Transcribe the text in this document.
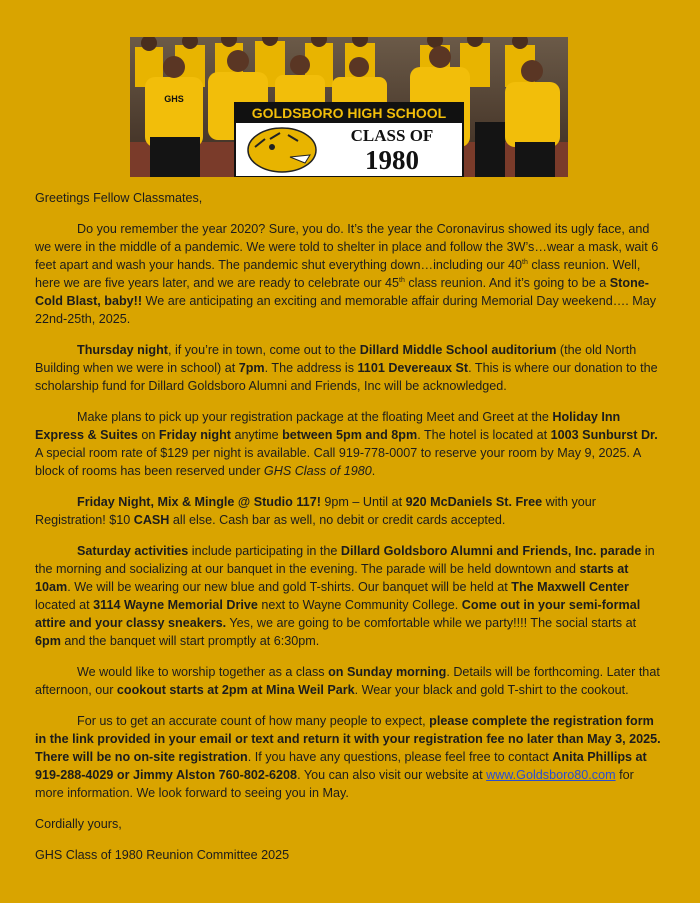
GOLDSBORO HIGH SCHOOL
CLASS OF
1980
GHS

Greetings Fellow Classmates,

Do you remember the year 2020? Sure, you do. It’s the year the Coronavirus showed its ugly face, and we were in the middle of a pandemic. We were told to shelter in place and follow the 3W’s…wear a mask, wait 6 feet apart and wash your hands. The pandemic shut everything down…including our 40th class reunion. Well, here we are five years later, and we are ready to celebrate our 45th class reunion. And it’s going to be a Stone-Cold Blast, baby!! We are anticipating an exciting and memorable affair during Memorial Day weekend…. May 22nd-25th, 2025.

Thursday night, if you’re in town, come out to the Dillard Middle School auditorium (the old North Building when we were in school) at 7pm. The address is 1101 Devereaux St. This is where our donation to the scholarship fund for Dillard Goldsboro Alumni and Friends, Inc will be acknowledged.

Make plans to pick up your registration package at the floating Meet and Greet at the Holiday Inn Express & Suites on Friday night anytime between 5pm and 8pm. The hotel is located at 1003 Sunburst Dr. A special room rate of $129 per night is available. Call 919-778-0007 to reserve your room by May 9, 2025. A block of rooms has been reserved under GHS Class of 1980.

Friday Night, Mix & Mingle @ Studio 117! 9pm – Until at 920 McDaniels St. Free with your Registration! $10 CASH all else. Cash bar as well, no debit or credit cards accepted.

Saturday activities include participating in the Dillard Goldsboro Alumni and Friends, Inc. parade in the morning and socializing at our banquet in the evening. The parade will be held downtown and starts at 10am. We will be wearing our new blue and gold T-shirts. Our banquet will be held at The Maxwell Center located at 3114 Wayne Memorial Drive next to Wayne Community College. Come out in your semi-formal attire and your classy sneakers. Yes, we are going to be comfortable while we party!!!! The social starts at 6pm and the banquet will start promptly at 6:30pm.

We would like to worship together as a class on Sunday morning. Details will be forthcoming. Later that afternoon, our cookout starts at 2pm at Mina Weil Park. Wear your black and gold T-shirt to the cookout.

For us to get an accurate count of how many people to expect, please complete the registration form in the link provided in your email or text and return it with your registration fee no later than May 3, 2025. There will be no on-site registration. If you have any questions, please feel free to contact Anita Phillips at 919-288-4029 or Jimmy Alston 760-802-6208. You can also visit our website at www.Goldsboro80.com for more information. We look forward to seeing you in May.

Cordially yours,

GHS Class of 1980 Reunion Committee 2025
